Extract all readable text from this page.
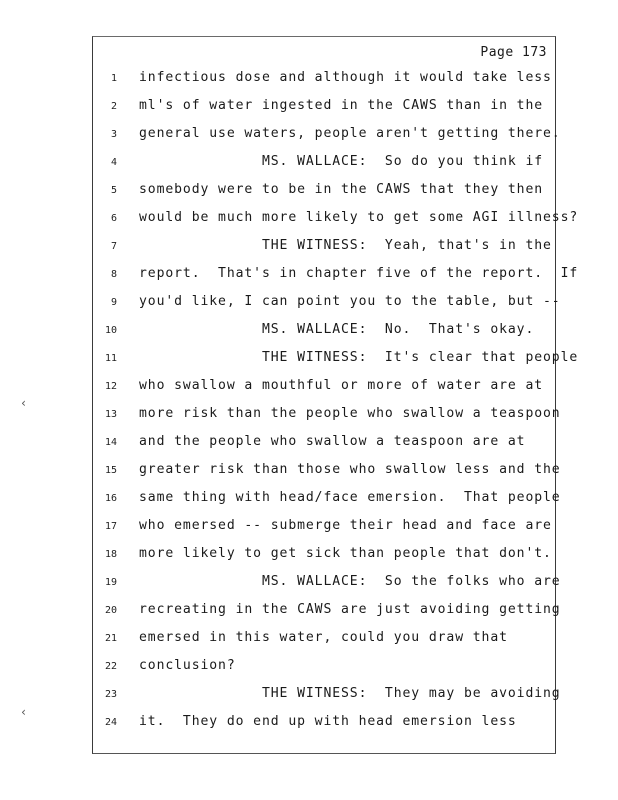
Page 173
1 infectious dose and although it would take less
2 ml's of water ingested in the CAWS than in the
3 general use waters, people aren't getting there.
4 MS. WALLACE:  So do you think if
5 somebody were to be in the CAWS that they then
6 would be much more likely to get some AGI illness?
7 THE WITNESS:  Yeah, that's in the
8 report.  That's in chapter five of the report.  If
9 you'd like, I can point you to the table, but --
10 MS. WALLACE:  No.  That's okay.
11 THE WITNESS:  It's clear that people
12 who swallow a mouthful or more of water are at
13 more risk than the people who swallow a teaspoon
14 and the people who swallow a teaspoon are at
15 greater risk than those who swallow less and the
16 same thing with head/face emersion.  That people
17 who emersed -- submerge their head and face are
18 more likely to get sick than people that don't.
19 MS. WALLACE:  So the folks who are
20 recreating in the CAWS are just avoiding getting
21 emersed in this water, could you draw that
22 conclusion?
23 THE WITNESS:  They may be avoiding
24 it.  They do end up with head emersion less
‹
‹
